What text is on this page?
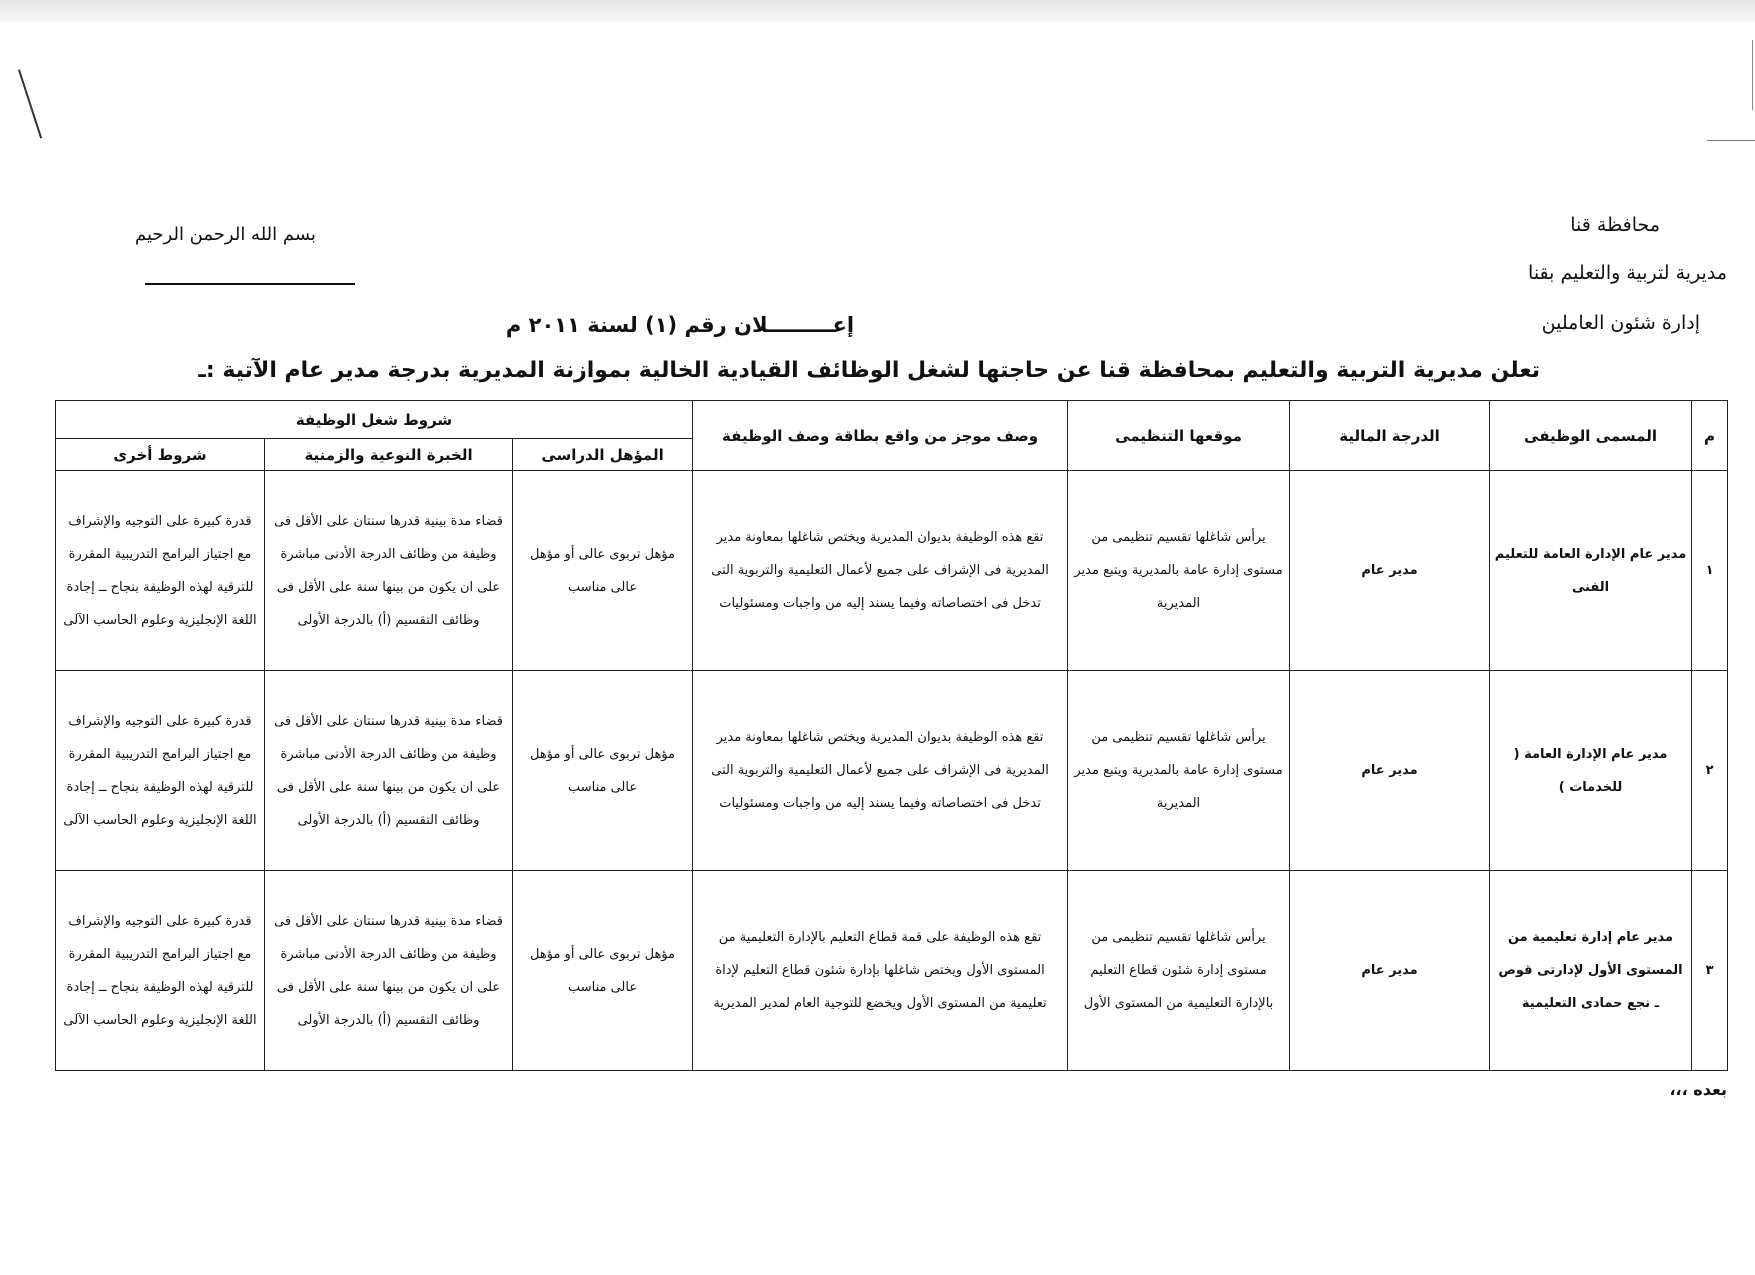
محافظة قنا
مديرية لتربية والتعليم بقنا
إدارة شئون العاملين
بسم الله الرحمن الرحيم
إعـــــــــلان رقم (١) لسنة ٢٠١١ م
تعلن مديرية التربية والتعليم بمحافظة قنا عن حاجتها لشغل الوظائف القيادية الخالية بموازنة المديرية بدرجة مدير عام الآتية :ـ
م	المسمى الوظيفى	الدرجة المالية	موقعها التنظيمى	وصف موجز من واقع بطاقة وصف الوظيفة	شروط شغل الوظيفة		
					المؤهل الدراسى	الخبرة النوعية والزمنية	شروط أخرى
١	مدير عام الإدارة العامة للتعليم الفنى	مدير عام	يرأس شاغلها تقسيم تنظيمى من مستوى إدارة عامة بالمديرية ويتبع مدير المديرية	تقع هذه الوظيفة بديوان المديرية ويختص شاغلها بمعاونة مدير المديرية فى الإشراف على جميع لأعمال التعليمية والتربوية التى تدخل فى اختصاصاته وفيما يسند إليه من واجبات ومسئوليات	مؤهل تربوى عالى أو مؤهل عالى مناسب	قضاء مدة بينية قدرها سنتان على الأقل فى وظيفة من وظائف الدرجة الأدنى مباشرة على ان يكون من بينها سنة على الأقل فى وظائف التقسيم (أ) بالدرجة الأولى	قدرة كبيرة على التوجيه والإشراف مع اجتياز البرامج التدريبية المقررة للترقية لهذه الوظيفة بنجاح ــ إجادة اللغة الإنجليزية وعلوم الحاسب الآلى
٢	مدير عام الإدارة العامة ( للخدمات )	مدير عام	يرأس شاغلها تقسيم تنظيمى من مستوى إدارة عامة بالمديرية ويتبع مدير المديرية	تقع هذه الوظيفة بديوان المديرية ويختص شاغلها بمعاونة مدير المديرية فى الإشراف على جميع لأعمال التعليمية والتربوية التى تدخل فى اختصاصاته وفيما يسند إليه من واجبات ومسئوليات	مؤهل تربوى عالى أو مؤهل عالى مناسب	قضاء مدة بينية قدرها سنتان على الأقل فى وظيفة من وظائف الدرجة الأدنى مباشرة على ان يكون من بينها سنة على الأقل فى وظائف التقسيم (أ) بالدرجة الأولى	قدرة كبيرة على التوجيه والإشراف مع اجتياز البرامج التدريبية المقررة للترقية لهذه الوظيفة بنجاح ــ إجادة اللغة الإنجليزية وعلوم الحاسب الآلى
٣	مدير عام إدارة تعليمية من المستوى الأول لإدارتى قوص ـ نجع حمادى التعليمية	مدير عام	يرأس شاغلها تقسيم تنظيمى من مستوى إدارة شئون قطاع التعليم بالإدارة التعليمية من المستوى الأول	تقع هذه الوظيفة على قمة قطاع التعليم بالإدارة التعليمية من المستوى الأول ويختص شاغلها بإدارة شئون قطاع التعليم لإداة تعليمية من المستوى الأول ويخضع للتوجية العام لمدير المديرية	مؤهل تربوى عالى أو مؤهل عالى مناسب	قضاء مدة بينية قدرها سنتان على الأقل فى وظيفة من وظائف الدرجة الأدنى مباشرة على ان يكون من بينها سنة على الأقل فى وظائف التقسيم (أ) بالدرجة الأولى	قدرة كبيرة على التوجيه والإشراف مع اجتياز البرامج التدريبية المقررة للترقية لهذه الوظيفة بنجاح ــ إجادة اللغة الإنجليزية وعلوم الحاسب الآلى
بعده ،،،
